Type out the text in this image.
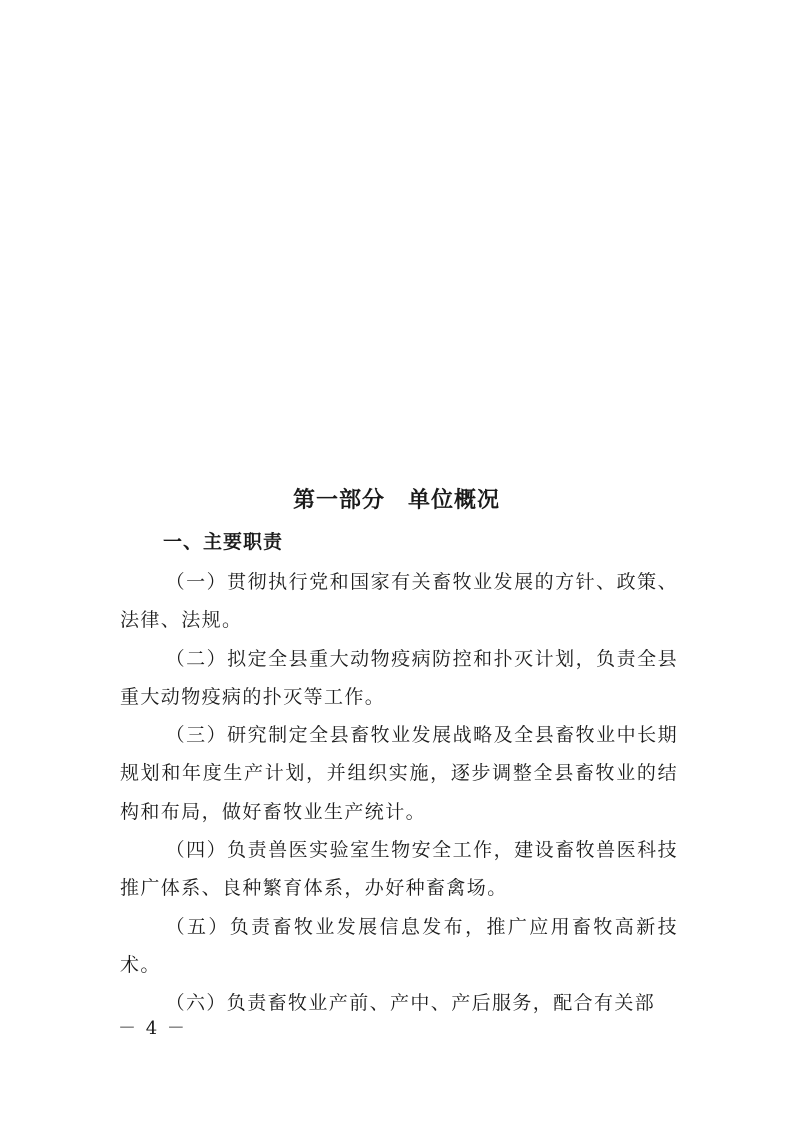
第一部分　单位概况
一、主要职责

（一）贯彻执行党和国家有关畜牧业发展的方针、政策、法律、法规。

（二）拟定全县重大动物疫病防控和扑灭计划，负责全县重大动物疫病的扑灭等工作。

（三）研究制定全县畜牧业发展战略及全县畜牧业中长期规划和年度生产计划，并组织实施，逐步调整全县畜牧业的结构和布局，做好畜牧业生产统计。

（四）负责兽医实验室生物安全工作，建设畜牧兽医科技推广体系、良种繁育体系，办好种畜禽场。

（五）负责畜牧业发展信息发布，推广应用畜牧高新技术。

（六）负责畜牧业产前、产中、产后服务，配合有关部

－ 4 －
